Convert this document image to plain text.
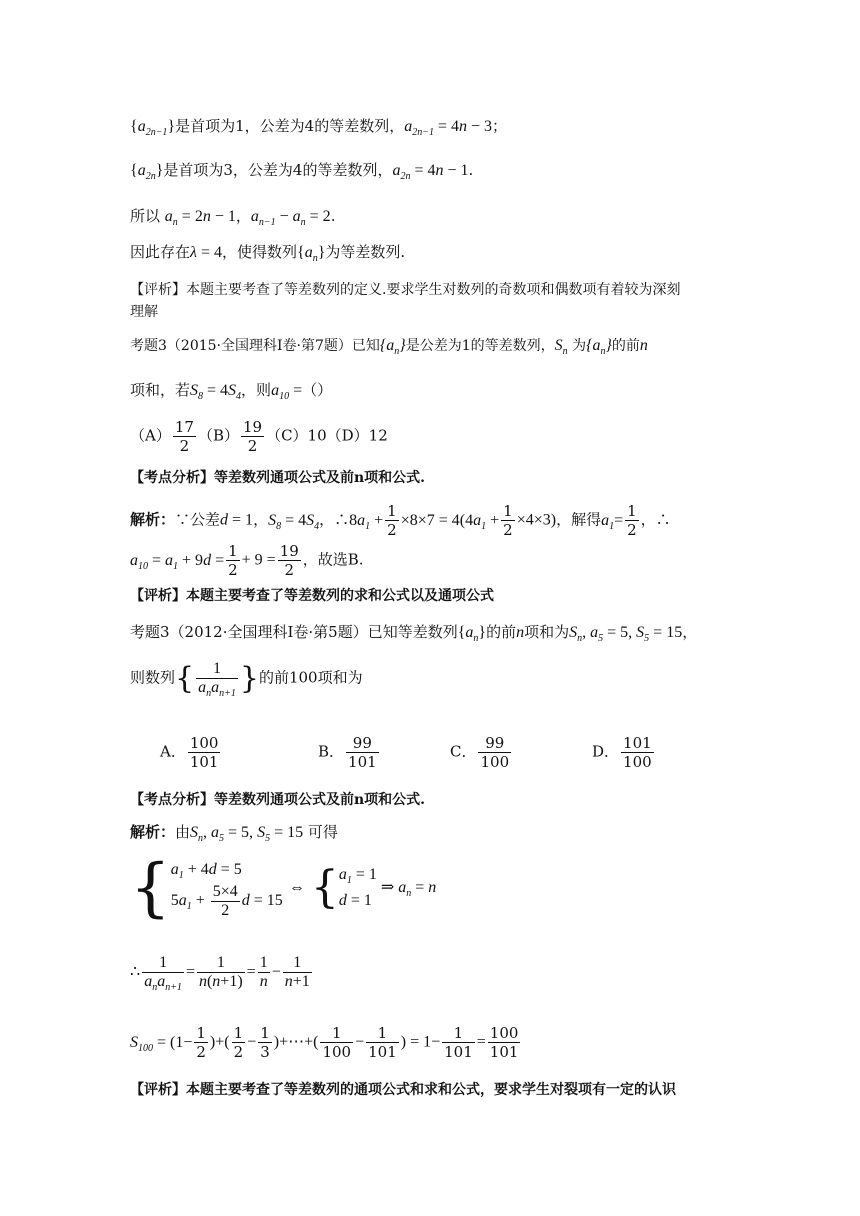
$\{a_{2n-1}\}$是首项为1，公差为4的等差数列，$a_{2n-1} = 4n - 3$；
$\{a_{2n}\}$是首项为3，公差为4的等差数列，$a_{2n} = 4n - 1$.
所以 $a_n = 2n - 1$，$a_{n-1} - a_n = 2$.
因此存在λ = 4，使得数列$\{a_n\}$为等差数列.
【评析】本题主要考查了等差数列的定义.要求学生对数列的奇数项和偶数项有着较为深刻
理解
考题3（2015·全国理科Ⅰ卷·第7题）已知$\{a_n\}$是公差为1的等差数列，$S_n$ 为$\{a_n\}$的前n
项和，若$S_8 = 4S_4$，则$a_{10}$ =（）
$(A) \frac{17}{2} (B) \frac{19}{2} (C)10(D)12$
【考点分析】等差数列通项公式及前n项和公式.
解析：∵公差d = 1，$S_8 = 4S_4$，$\therefore 8a_1 + \frac{1}{2} \times 8\times 7 = 4(4a_1 + \frac{1}{2} \times 4\times 3)$，解得$a_1= \frac{1}{2}$ ，∴
$a_{10} = a_1 + 9d = \frac{1}{2} + 9 = \frac{19}{2}$ ，故选B.
【评析】本题主要考查了等差数列的求和公式以及通项公式
考题3（2012·全国理科Ⅰ卷·第5题）已知等差数列$\{a_n\}$的前n项和为$S_n$, $a_5 = 5$, $S_5 = 15$，
则数列{ $\frac{1}{a_na_{n+1}}$ }的前100项和为
A． $\frac{100}{101}$	B． $\frac{99}{101}$	C． $\frac{99}{100}$	D． $\frac{101}{100}$
【考点分析】等差数列通项公式及前n项和公式.
解析：由$S_n$, $a_5 = 5$, $S_5 = 15$ 可得
{ $a_1 + 4d = 5$
$5a_1 + \frac{5\times 4}{2}$ d = 15
⇔ { $a_1 = 1$
d = 1
⇒ $a_n = n$
∴ $\frac{1}{a_na_{n+1}} = \frac{1}{n(n+1)} = \frac{1}{n} - \frac{1}{n+1}$
$S_{100} = (1- \frac{1}{2}$ )+( $\frac{1}{2} - \frac{1}{3}$ )+⋯+( $\frac{1}{100} - \frac{1}{101}$ ) = $1- \frac{1}{101} = \frac{100}{101}$
【评析】本题主要考查了等差数列的通项公式和求和公式，要求学生对裂项有一定的认识
